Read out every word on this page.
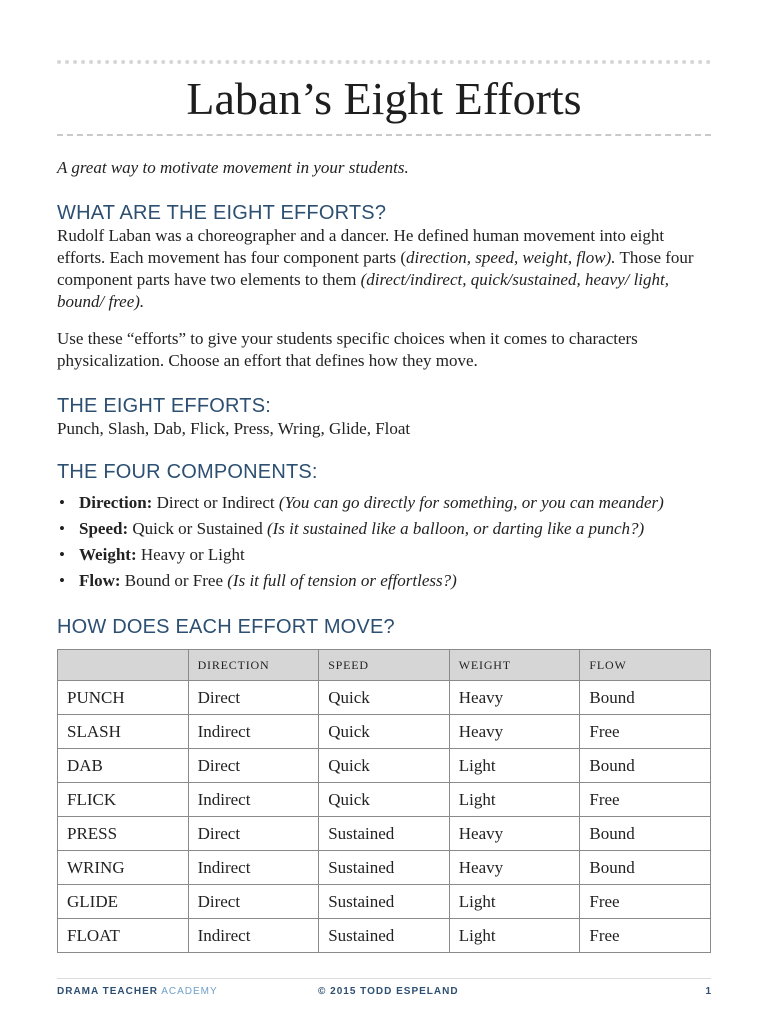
Laban’s Eight Efforts

A great way to motivate movement in your students.

WHAT ARE THE EIGHT EFFORTS?

Rudolf Laban was a choreographer and a dancer. He defined human movement into eight efforts. Each movement has four component parts (direction, speed, weight, flow). Those four component parts have two elements to them (direct/indirect, quick/sustained, heavy/ light, bound/ free).

Use these “efforts” to give your students specific choices when it comes to characters physicalization. Choose an effort that defines how they move.

THE EIGHT EFFORTS:

Punch, Slash, Dab, Flick, Press, Wring, Glide, Float

THE FOUR COMPONENTS:
• Direction: Direct or Indirect (You can go directly for something, or you can meander)
• Speed: Quick or Sustained (Is it sustained like a balloon, or darting like a punch?)
• Weight: Heavy or Light
• Flow: Bound or Free (Is it full of tension or effortless?)
HOW DOES EACH EFFORT MOVE?
	DIRECTION	SPEED	WEIGHT	FLOW
PUNCH	Direct	Quick	Heavy	Bound
SLASH	Indirect	Quick	Heavy	Free
DAB	Direct	Quick	Light	Bound
FLICK	Indirect	Quick	Light	Free
PRESS	Direct	Sustained	Heavy	Bound
WRING	Indirect	Sustained	Heavy	Bound
GLIDE	Direct	Sustained	Light	Free
FLOAT	Indirect	Sustained	Light	Free
DRAMA TEACHER ACADEMY	© 2015 TODD ESPELAND	1
